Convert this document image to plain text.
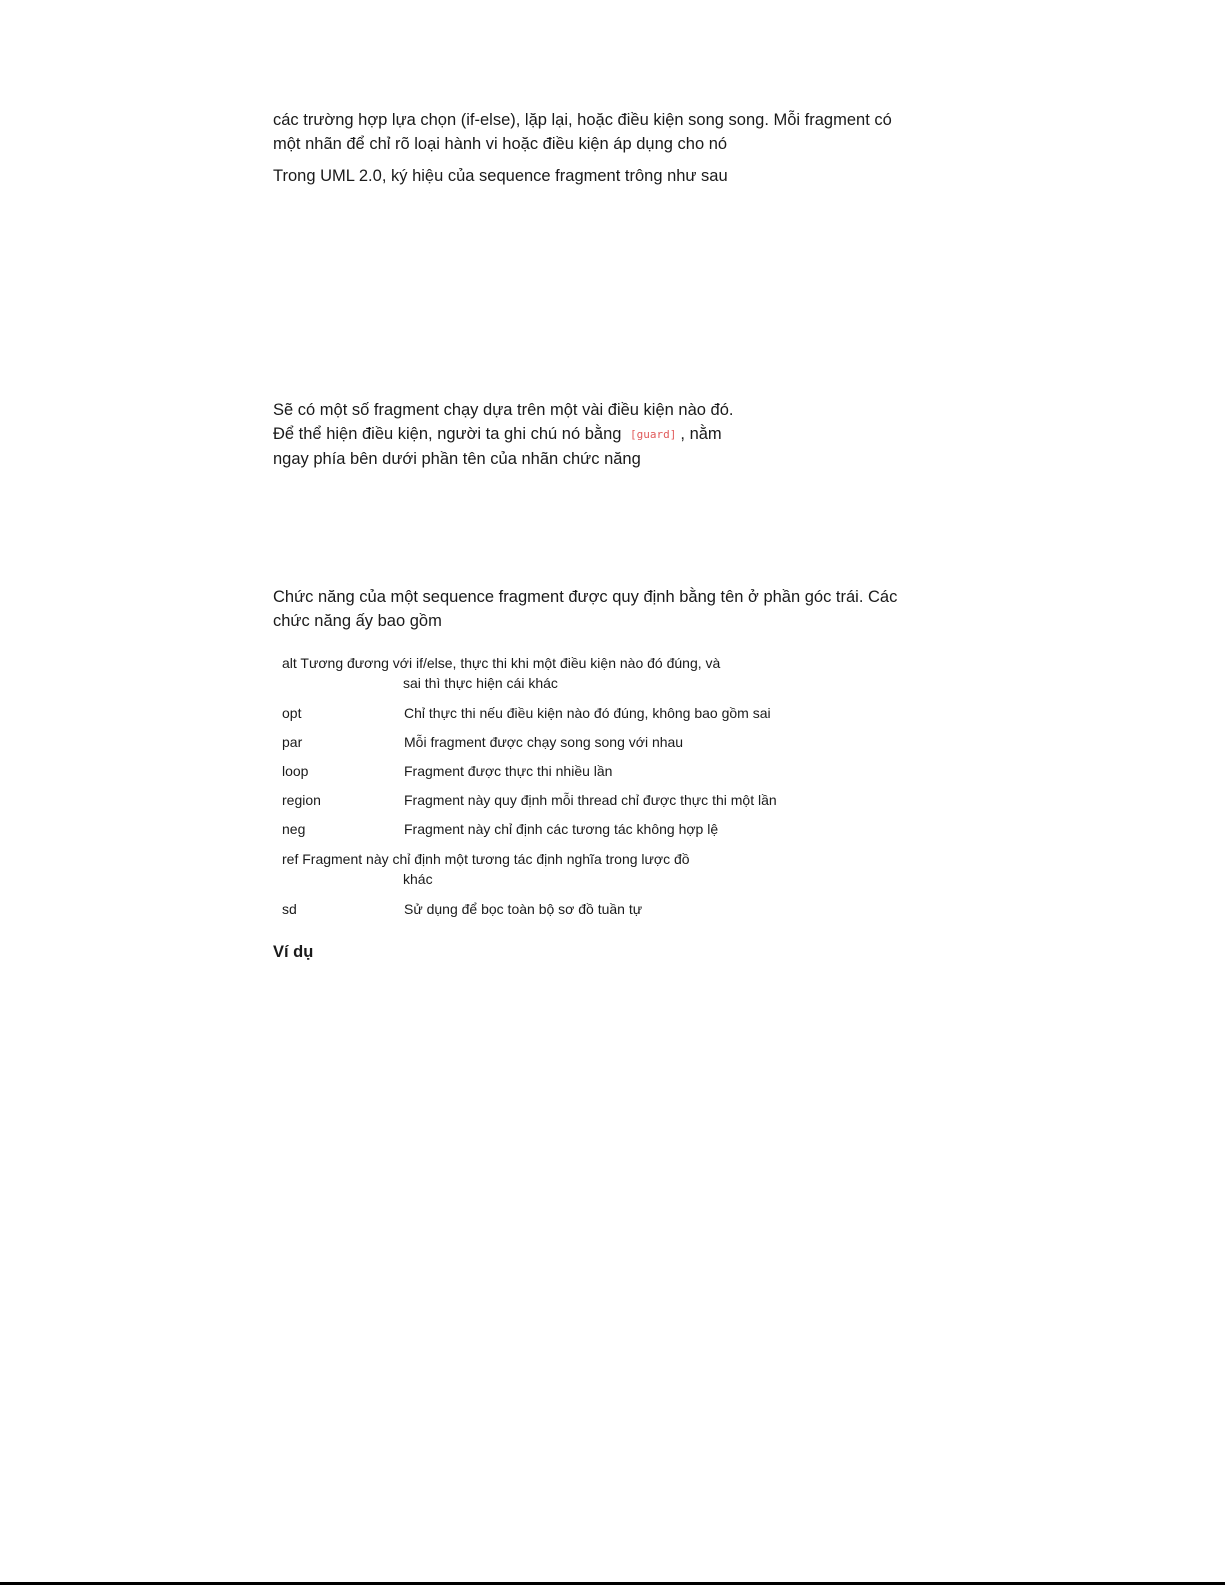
các trường hợp lựa chọn (if-else), lặp lại, hoặc điều kiện song song. Mỗi fragment có
một nhãn để chỉ rõ loại hành vi hoặc điều kiện áp dụng cho nó

Trong UML 2.0, ký hiệu của sequence fragment trông như sau

Sẽ có một số fragment chạy dựa trên một vài điều kiện nào đó.
Để thể hiện điều kiện, người ta ghi chú nó bằng [guard] , nằm
ngay phía bên dưới phần tên của nhãn chức năng

Chức năng của một sequence fragment được quy định bằng tên ở phần góc trái. Các
chức năng ấy bao gồm

alt Tương đương với if/else, thực thi khi một điều kiện nào đó đúng, và
sai thì thực hiện cái khác
opt	Chỉ thực thi nếu điều kiện nào đó đúng, không bao gồm sai
par	Mỗi fragment được chạy song song với nhau
loop	Fragment được thực thi nhiều lần
region	Fragment này quy định mỗi thread chỉ được thực thi một lần
neg	Fragment này chỉ định các tương tác không hợp lệ
ref Fragment này chỉ định một tương tác định nghĩa trong lược đồ
khác
sd	Sử dụng để bọc toàn bộ sơ đồ tuần tự

Ví dụ
